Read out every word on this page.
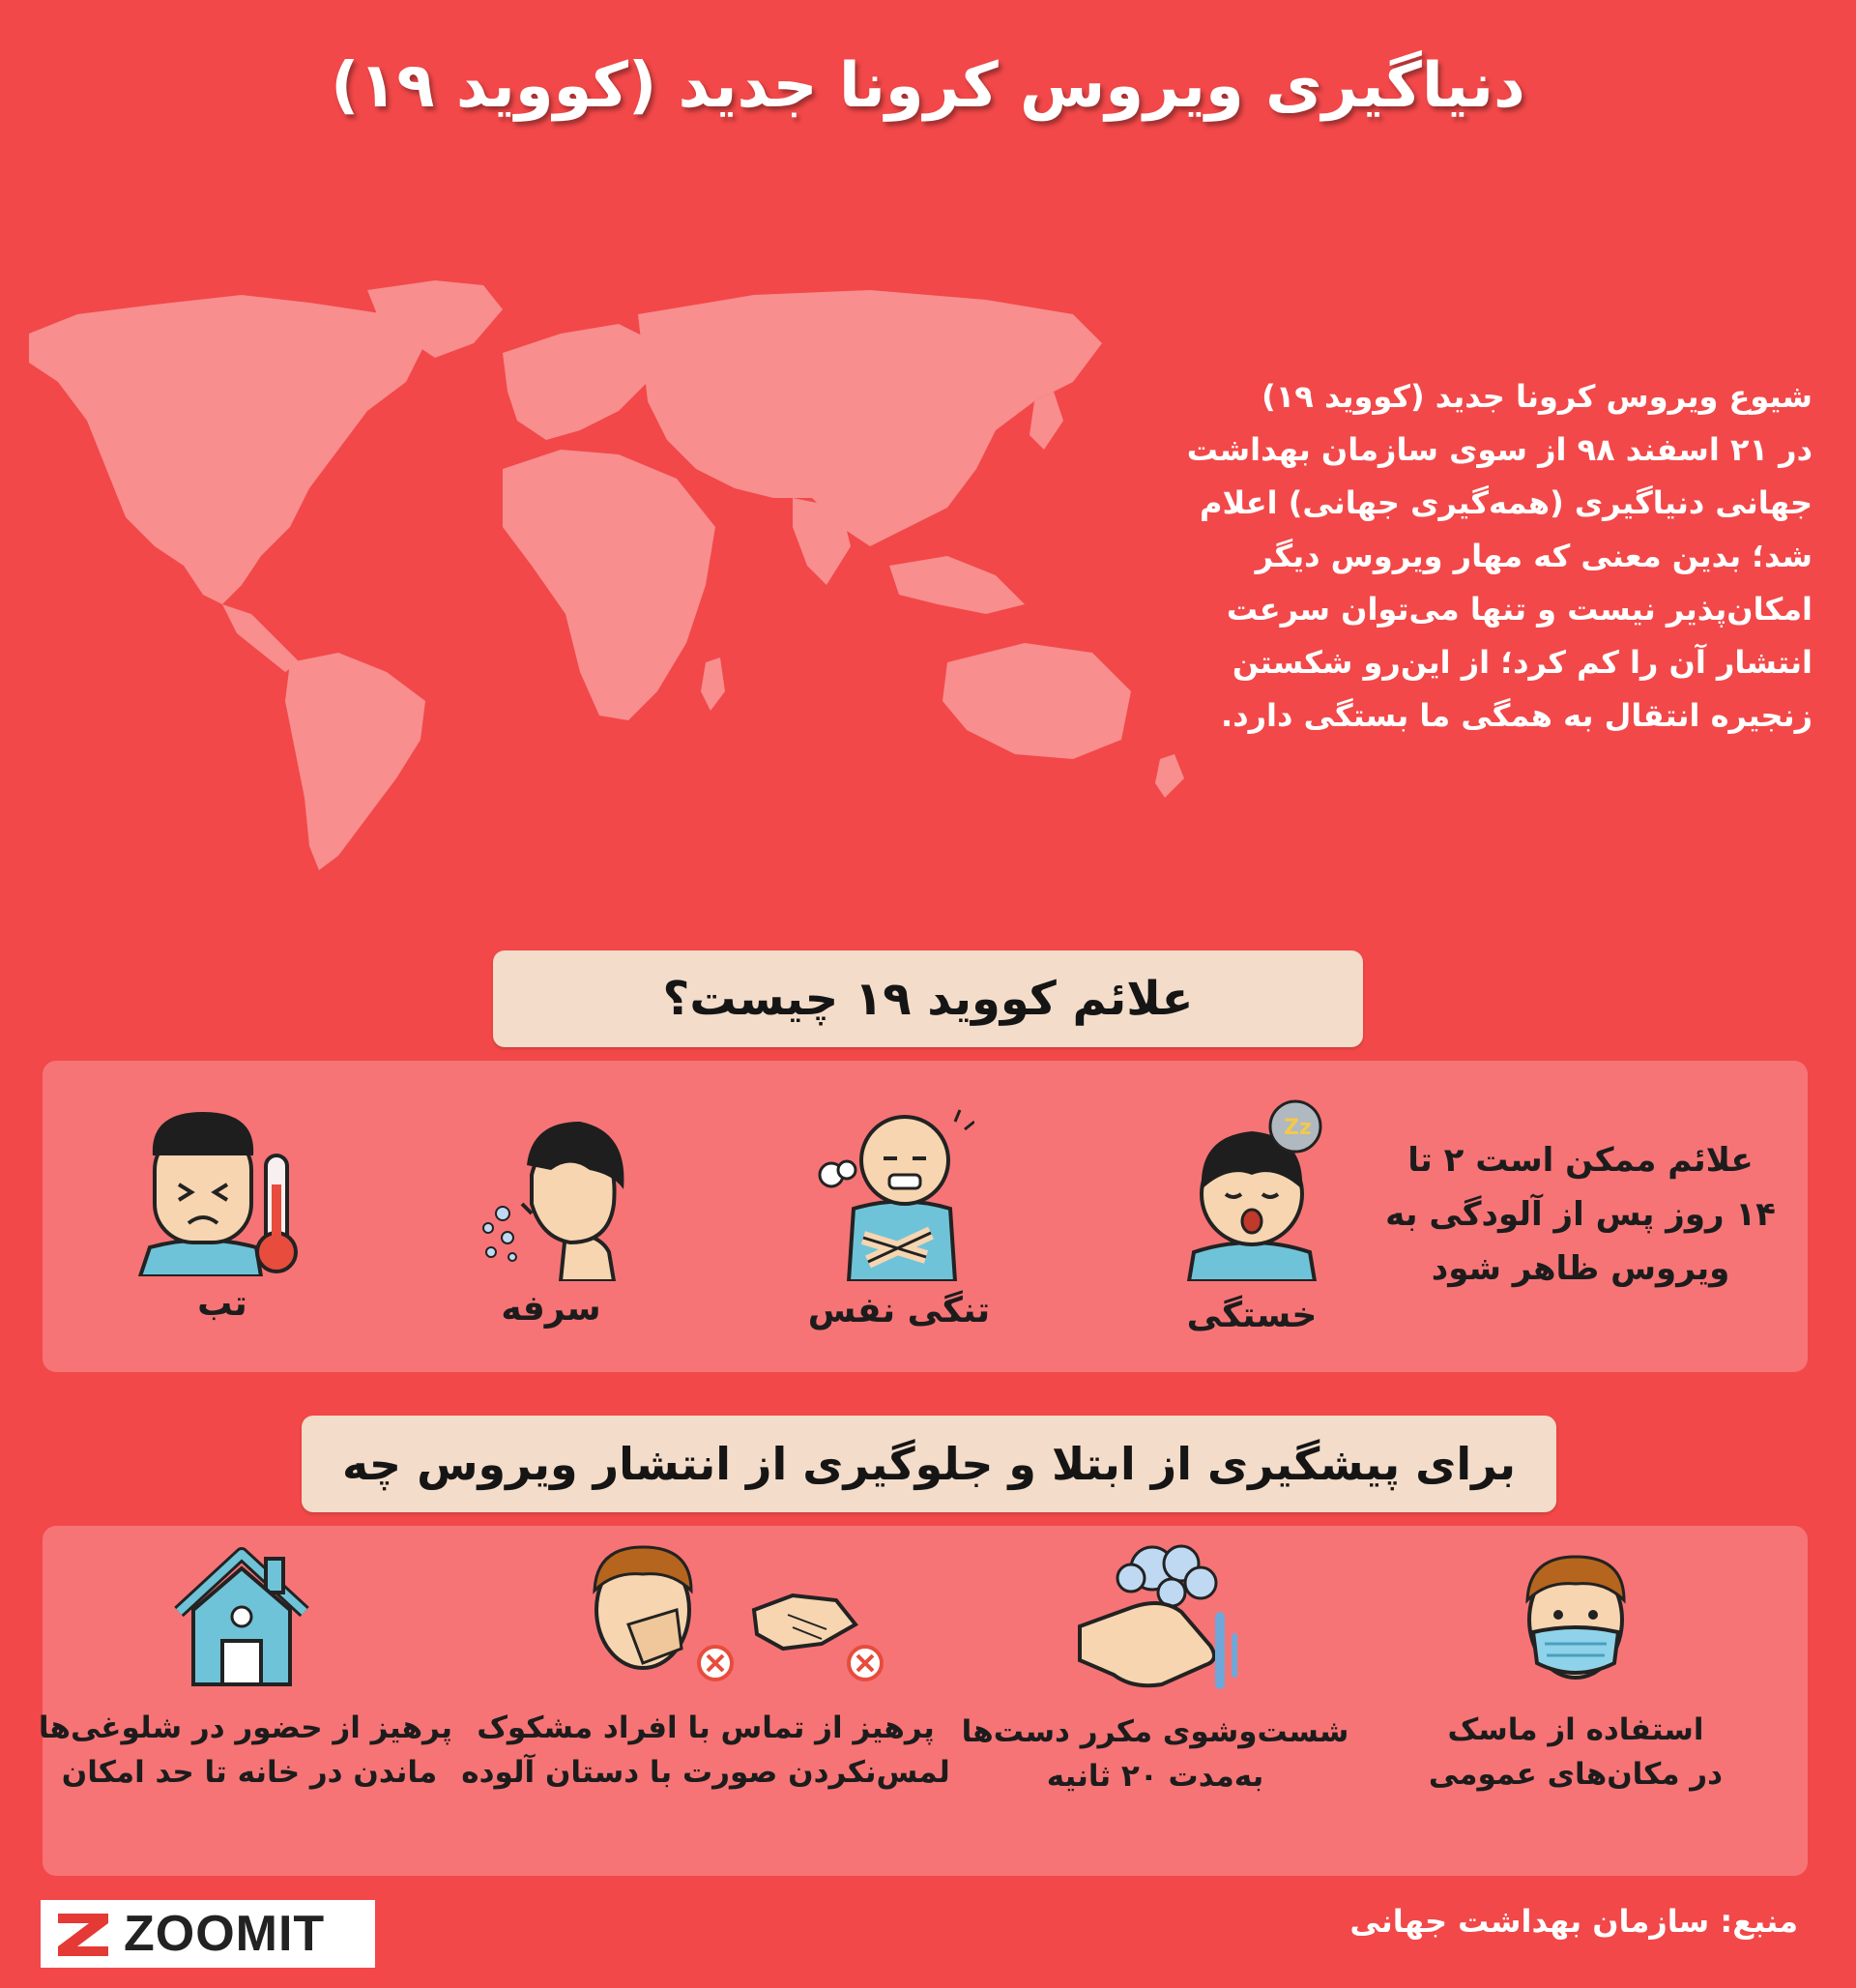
دنیاگیری ویروس کرونا جدید (کووید ۱۹)
شیوع ویروس کرونا جدید (کووید ۱۹)
در ۲۱ اسفند ۹۸ از سوی سازمان بهداشت
جهانی دنیاگیری (همه‌گیری جهانی) اعلام
شد؛ بدین معنی که مهار ویروس دیگر
امکان‌پذیر نیست و تنها می‌توان سرعت
انتشار آن را کم کرد؛ از این‌رو شکستن
زنجیره انتقال به همگی ما بستگی دارد.
علائم کووید ۱۹ چیست؟
علائم ممکن است ۲ تا
۱۴ روز پس از آلودگی به
ویروس ظاهر شود
Zz
خستگی
تنگی نفس
سرفه
تب
برای پیشگیری از ابتلا و جلوگیری از انتشار ویروس چه
استفاده از ماسک
در مکان‌های عمومی
شست‌وشوی مکرر دست‌ها
به‌مدت ۲۰ ثانیه
پرهیز از تماس با افراد مشکوک
لمس‌نکردن صورت با دستان آلوده
پرهیز از حضور در شلوغی‌ها
ماندن در خانه تا حد امکان
ZOOMIT	منبع: سازمان بهداشت جهانی
